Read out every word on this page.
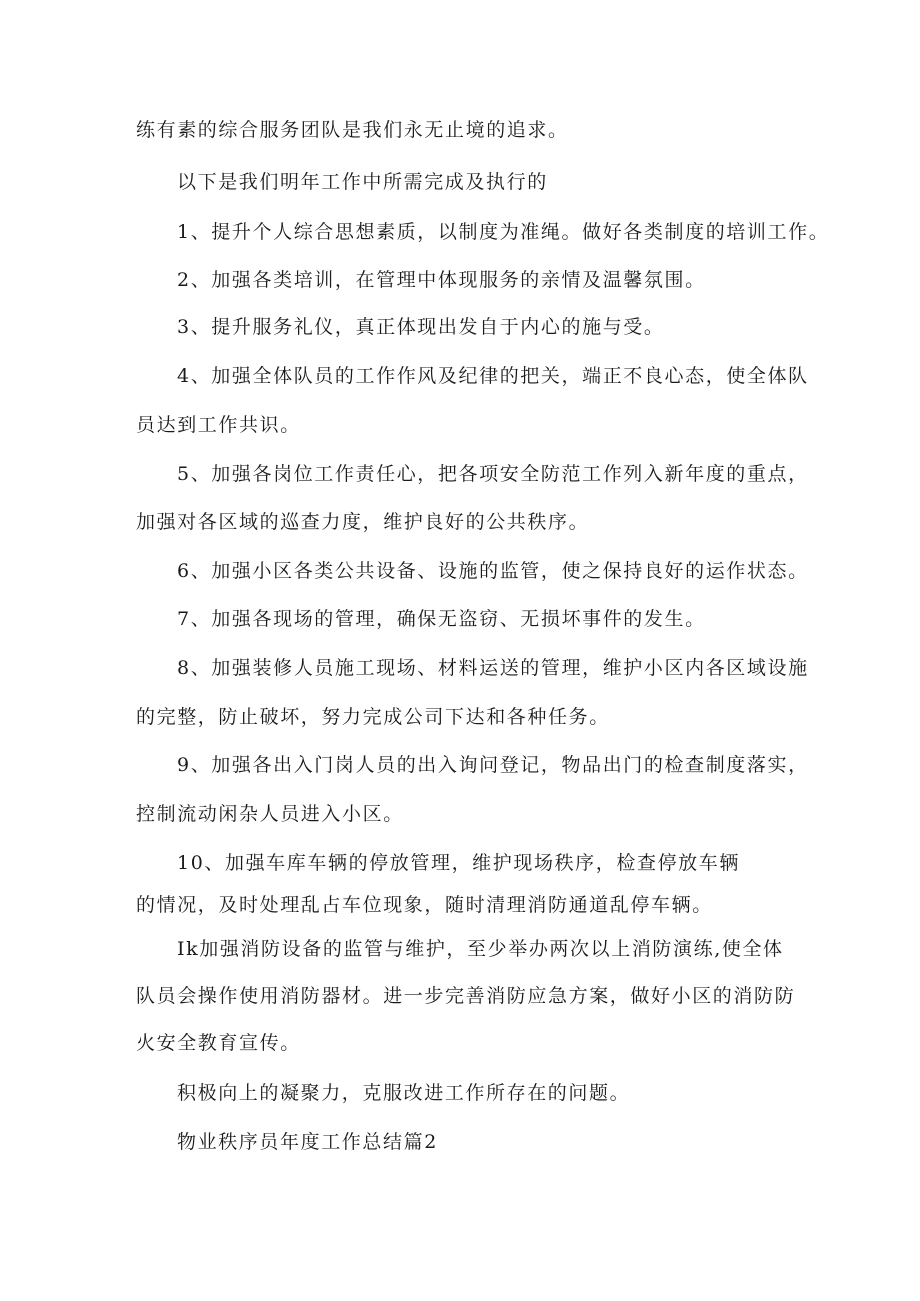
练有素的综合服务团队是我们永无止境的追求。
以下是我们明年工作中所需完成及执行的
1、提升个人综合思想素质，以制度为准绳。做好各类制度的培训工作。
2、加强各类培训，在管理中体现服务的亲情及温馨氛围。
3、提升服务礼仪，真正体现出发自于内心的施与受。
4、加强全体队员的工作作风及纪律的把关，端正不良心态，使全体队
员达到工作共识。
5、加强各岗位工作责任心，把各项安全防范工作列入新年度的重点，
加强对各区域的巡查力度，维护良好的公共秩序。
6、加强小区各类公共设备、设施的监管，使之保持良好的运作状态。
7、加强各现场的管理，确保无盗窃、无损坏事件的发生。
8、加强装修人员施工现场、材料运送的管理，维护小区内各区域设施
的完整，防止破坏，努力完成公司下达和各种任务。
9、加强各出入门岗人员的出入询问登记，物品出门的检查制度落实，
控制流动闲杂人员进入小区。
10、加强车库车辆的停放管理，维护现场秩序，检查停放车辆
的情况，及时处理乱占车位现象，随时清理消防通道乱停车辆。
Ik加强消防设备的监管与维护，至少举办两次以上消防演练,使全体
队员会操作使用消防器材。进一步完善消防应急方案，做好小区的消防防
火安全教育宣传。
积极向上的凝聚力，克服改进工作所存在的问题。
物业秩序员年度工作总结篇2
